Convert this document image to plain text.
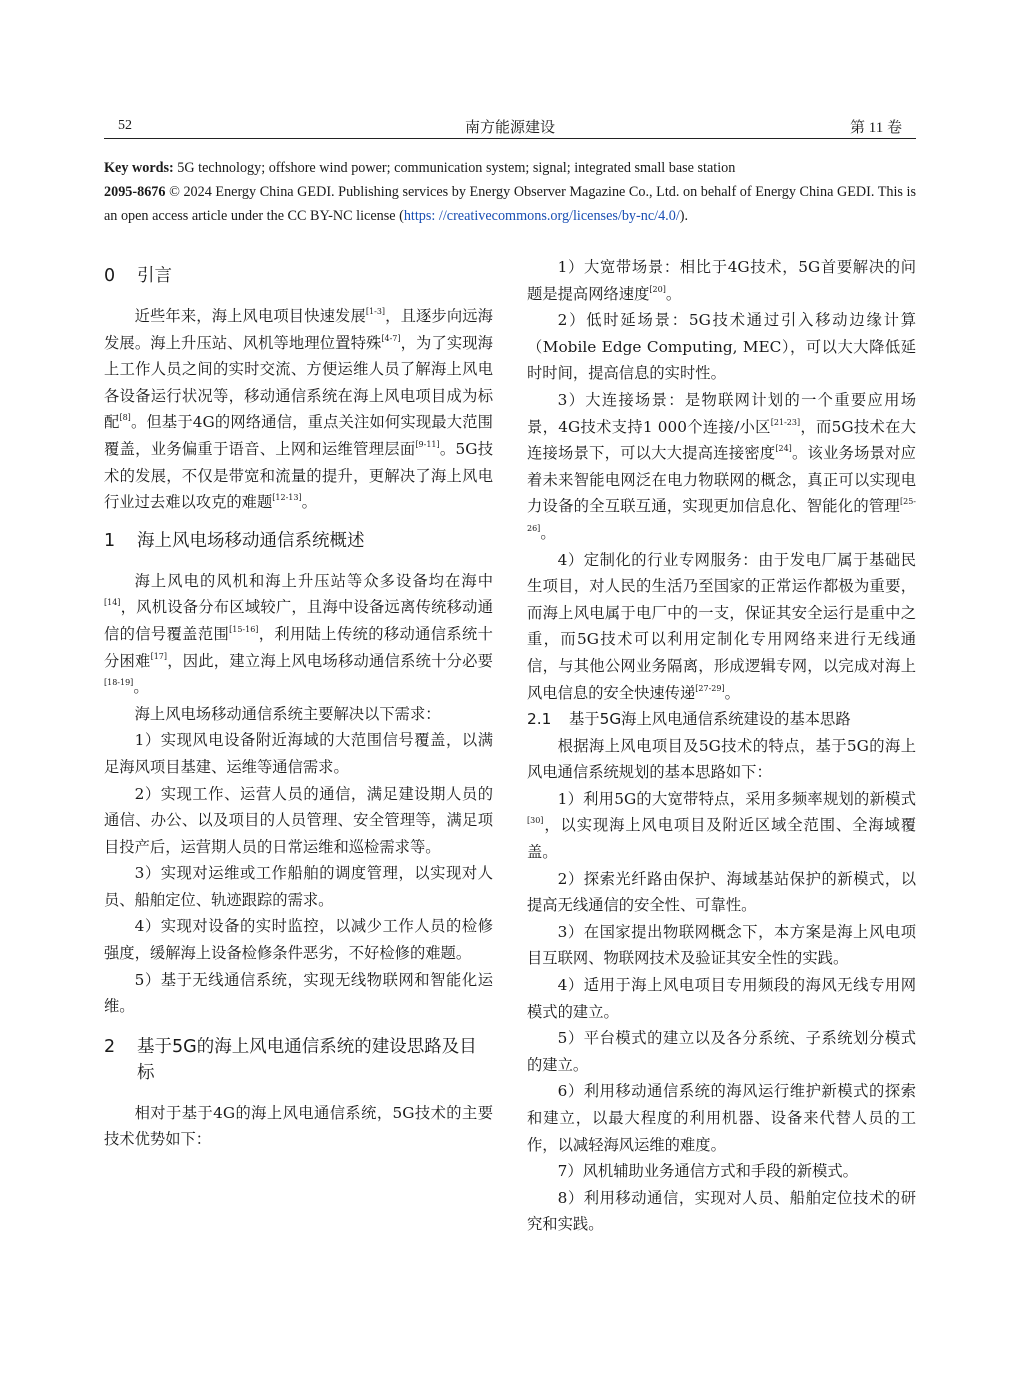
52	南方能源建设	第 11 卷

Key words: 5G technology; offshore wind power; communication system; signal; integrated small base station

2095-8676 © 2024 Energy China GEDI. Publishing services by Energy Observer Magazine Co., Ltd. on behalf of Energy China GEDI. This is an open access article under the CC BY-NC license (https: //creativecommons.org/licenses/by-nc/4.0/).

0	引言

近些年来，海上风电项目快速发展[1-3]，且逐步向远海发展。海上升压站、风机等地理位置特殊[4-7]，为了实现海上工作人员之间的实时交流、方便运维人员了解海上风电各设备运行状况等，移动通信系统在海上风电项目成为标配[8]。但基于4G的网络通信，重点关注如何实现最大范围覆盖，业务偏重于语音、上网和运维管理层面[9-11]。5G技术的发展，不仅是带宽和流量的提升，更解决了海上风电行业过去难以攻克的难题[12-13]。

1	海上风电场移动通信系统概述

海上风电的风机和海上升压站等众多设备均在海中[14]，风机设备分布区域较广，且海中设备远离传统移动通信的信号覆盖范围[15-16]，利用陆上传统的移动通信系统十分困难[17]，因此，建立海上风电场移动通信系统十分必要[18-19]。

海上风电场移动通信系统主要解决以下需求：

1）实现风电设备附近海域的大范围信号覆盖，以满足海风项目基建、运维等通信需求。

2）实现工作、运营人员的通信，满足建设期人员的通信、办公、以及项目的人员管理、安全管理等，满足项目投产后，运营期人员的日常运维和巡检需求等。

3）实现对运维或工作船舶的调度管理，以实现对人员、船舶定位、轨迹跟踪的需求。

4）实现对设备的实时监控，以减少工作人员的检修强度，缓解海上设备检修条件恶劣，不好检修的难题。

5）基于无线通信系统，实现无线物联网和智能化运维。

2	基于5G的海上风电通信系统的建设思路及目标

相对于基于4G的海上风电通信系统，5G技术的主要技术优势如下：

1）大宽带场景：相比于4G技术，5G首要解决的问题是提高网络速度[20]。

2）低时延场景：5G技术通过引入移动边缘计算（Mobile Edge Computing, MEC），可以大大降低延时时间，提高信息的实时性。

3）大连接场景：是物联网计划的一个重要应用场景，4G技术支持1 000个连接/小区[21-23]，而5G技术在大连接场景下，可以大大提高连接密度[24]。该业务场景对应着未来智能电网泛在电力物联网的概念，真正可以实现电力设备的全互联互通，实现更加信息化、智能化的管理[25-26]。

4）定制化的行业专网服务：由于发电厂属于基础民生项目，对人民的生活乃至国家的正常运作都极为重要，而海上风电属于电厂中的一支，保证其安全运行是重中之重，而5G技术可以利用定制化专用网络来进行无线通信，与其他公网业务隔离，形成逻辑专网，以完成对海上风电信息的安全快速传递[27-29]。

2.1	基于5G海上风电通信系统建设的基本思路

根据海上风电项目及5G技术的特点，基于5G的海上风电通信系统规划的基本思路如下：

1）利用5G的大宽带特点，采用多频率规划的新模式[30]，以实现海上风电项目及附近区域全范围、全海域覆盖。

2）探索光纤路由保护、海域基站保护的新模式，以提高无线通信的安全性、可靠性。

3）在国家提出物联网概念下，本方案是海上风电项目互联网、物联网技术及验证其安全性的实践。

4）适用于海上风电项目专用频段的海风无线专用网模式的建立。

5）平台模式的建立以及各分系统、子系统划分模式的建立。

6）利用移动通信系统的海风运行维护新模式的探索和建立，以最大程度的利用机器、设备来代替人员的工作，以减轻海风运维的难度。

7）风机辅助业务通信方式和手段的新模式。

8）利用移动通信，实现对人员、船舶定位技术的研究和实践。
